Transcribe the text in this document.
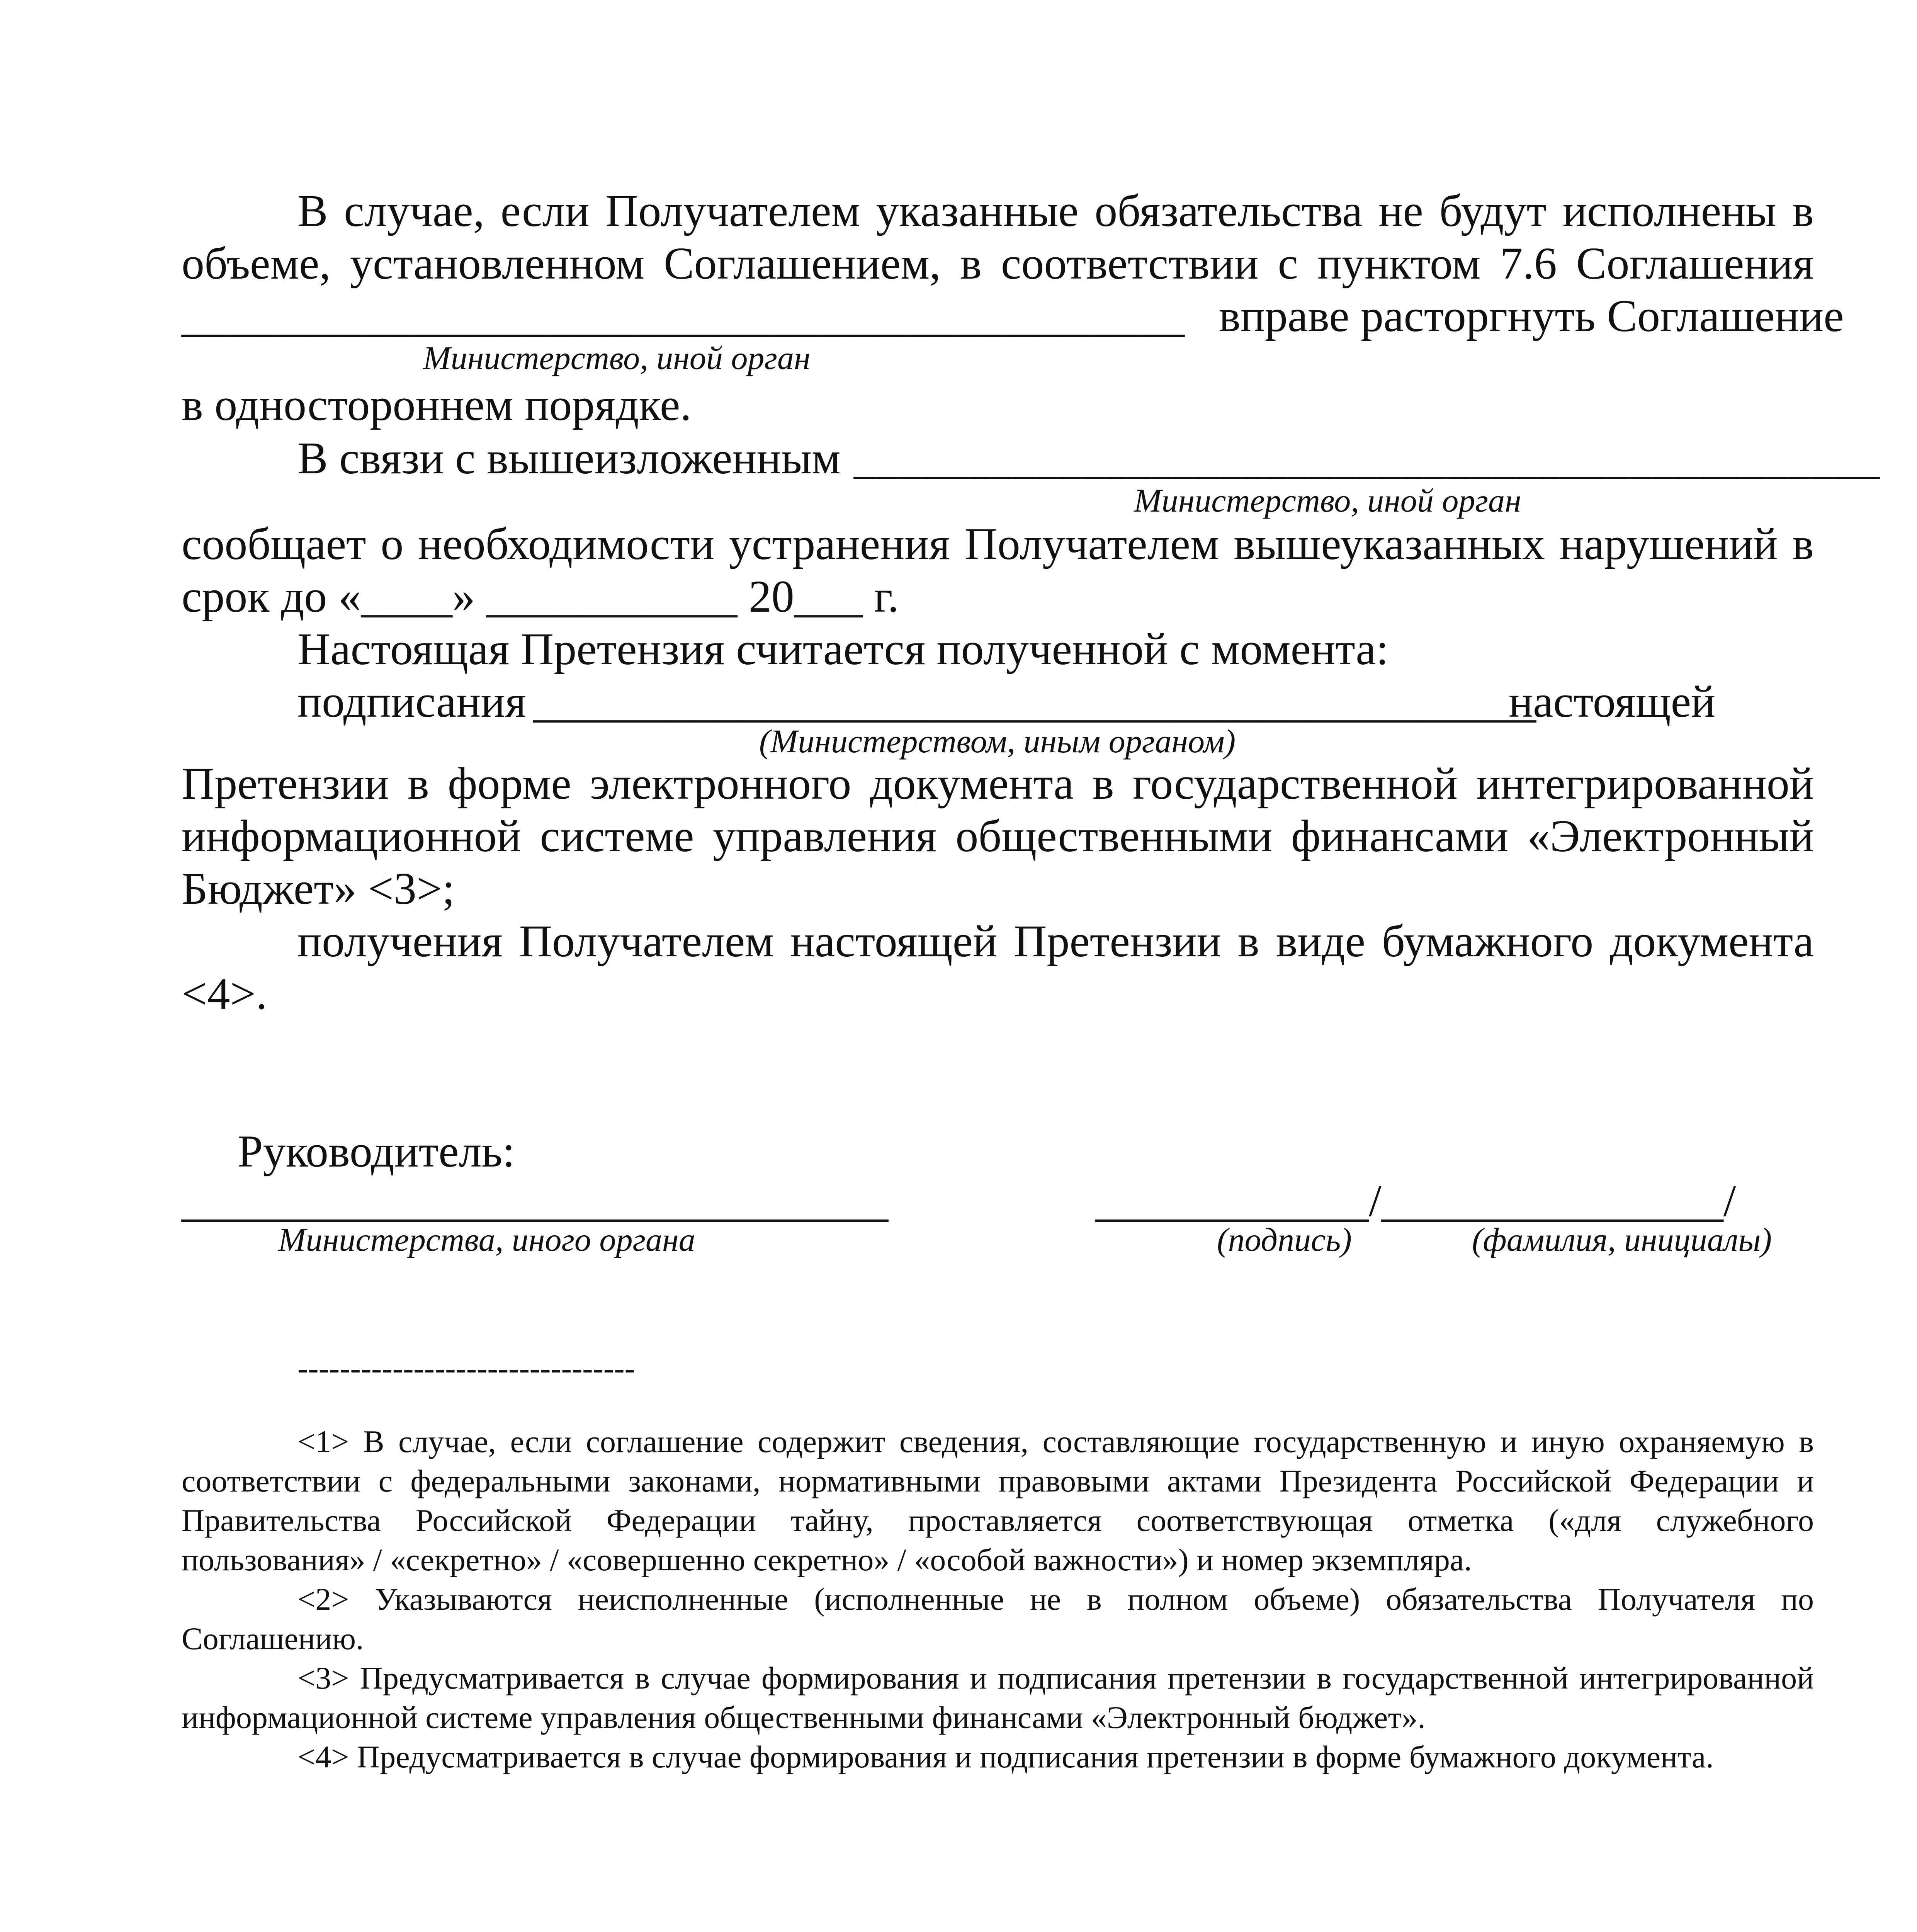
В случае, если Получателем указанные обязательства не будут исполнены в
объеме, установленном Соглашением, в соответствии с пунктом 7.6 Соглашения
____________________________________________ вправе расторгнуть Соглашение
Министерство, иной орган
в одностороннем порядке.
В связи с вышеизложенным _____________________________________________
Министерство, иной орган
сообщает о необходимости устранения Получателем вышеуказанных нарушений в
срок до «____» ___________ 20___ г.
Настоящая Претензия считается полученной с момента:
подписания ____________________________________________
настоящей
(Министерством, иным органом)
Претензии в форме электронного документа в государственной интегрированной
информационной системе управления общественными финансами «Электронный
Бюджет» <3>;
получения Получателем настоящей Претензии в виде бумажного документа
<4>.
Руководитель:
_______________________________	____________/_______________/
Министерства, иного органа	(подпись)	(фамилия, инициалы)
--------------------------------
<1> В случае, если соглашение содержит сведения, составляющие государственную и иную охраняемую в
соответствии с федеральными законами, нормативными правовыми актами Президента Российской Федерации и
Правительства Российской Федерации тайну, проставляется соответствующая отметка («для служебного
пользования» / «секретно» / «совершенно секретно» / «особой важности») и номер экземпляра.
<2> Указываются неисполненные (исполненные не в полном объеме) обязательства Получателя по
Соглашению.
<3> Предусматривается в случае формирования и подписания претензии в государственной интегрированной
информационной системе управления общественными финансами «Электронный бюджет».
<4> Предусматривается в случае формирования и подписания претензии в форме бумажного документа.
